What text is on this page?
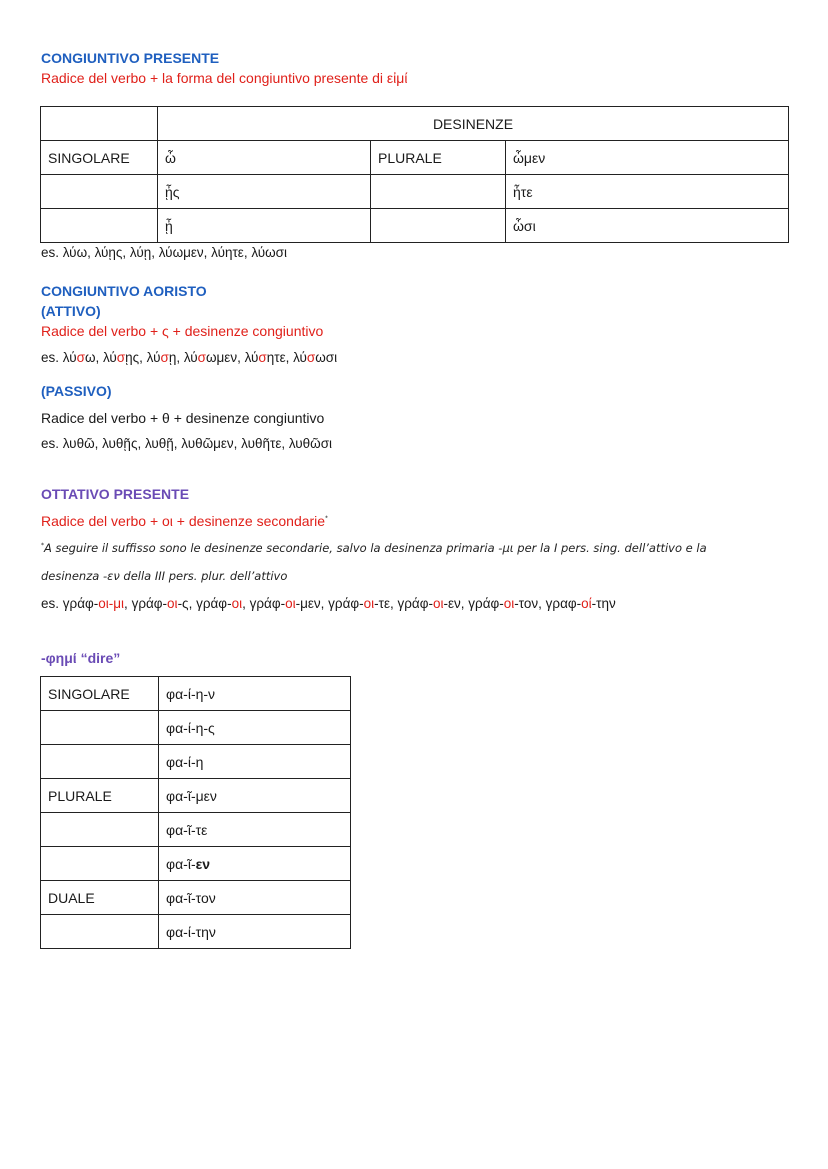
CONGIUNTIVO PRESENTE
Radice del verbo + la forma del congiuntivo presente di εἰμί
	DESINENZE		
SINGOLARE	ὦ	PLURALE	ὦμεν
	ᾖς		ἦτε
	ᾖ		ὦσι
es. λύω, λύῃς, λύῃ, λύωμεν, λύητε, λύωσι
CONGIUNTIVO AORISTO
(ATTIVO)
Radice del verbo + ς + desinenze congiuntivo
es. λύσω, λύσῃς, λύσῃ, λύσωμεν, λύσητε, λύσωσι
(PASSIVO)
Radice del verbo + θ + desinenze congiuntivo
es. λυθῶ, λυθῇς, λυθῇ, λυθῶμεν, λυθῆτε, λυθῶσι
OTTATIVO PRESENTE
Radice del verbo + οι + desinenze secondarie*
*A seguire il suffisso sono le desinenze secondarie, salvo la desinenza primaria -μι per la I pers. sing. dell’attivo e la
desinenza -εν della III pers. plur. dell’attivo
es. γράφ-οι-μι, γράφ-οι-ς, γράφ-οι, γράφ-οι-μεν, γράφ-οι-τε, γράφ-οι-εν, γράφ-οι-τον, γραφ-οί-την
-φημί “dire”
SINGOLARE	φα-ί-η-ν
	φα-ί-η-ς
	φα-ί-η
PLURALE	φα-ῖ-μεν
	φα-ῖ-τε
	φα-ῖ-εν
DUALE	φα-ῖ-τον
	φα-ί-την
